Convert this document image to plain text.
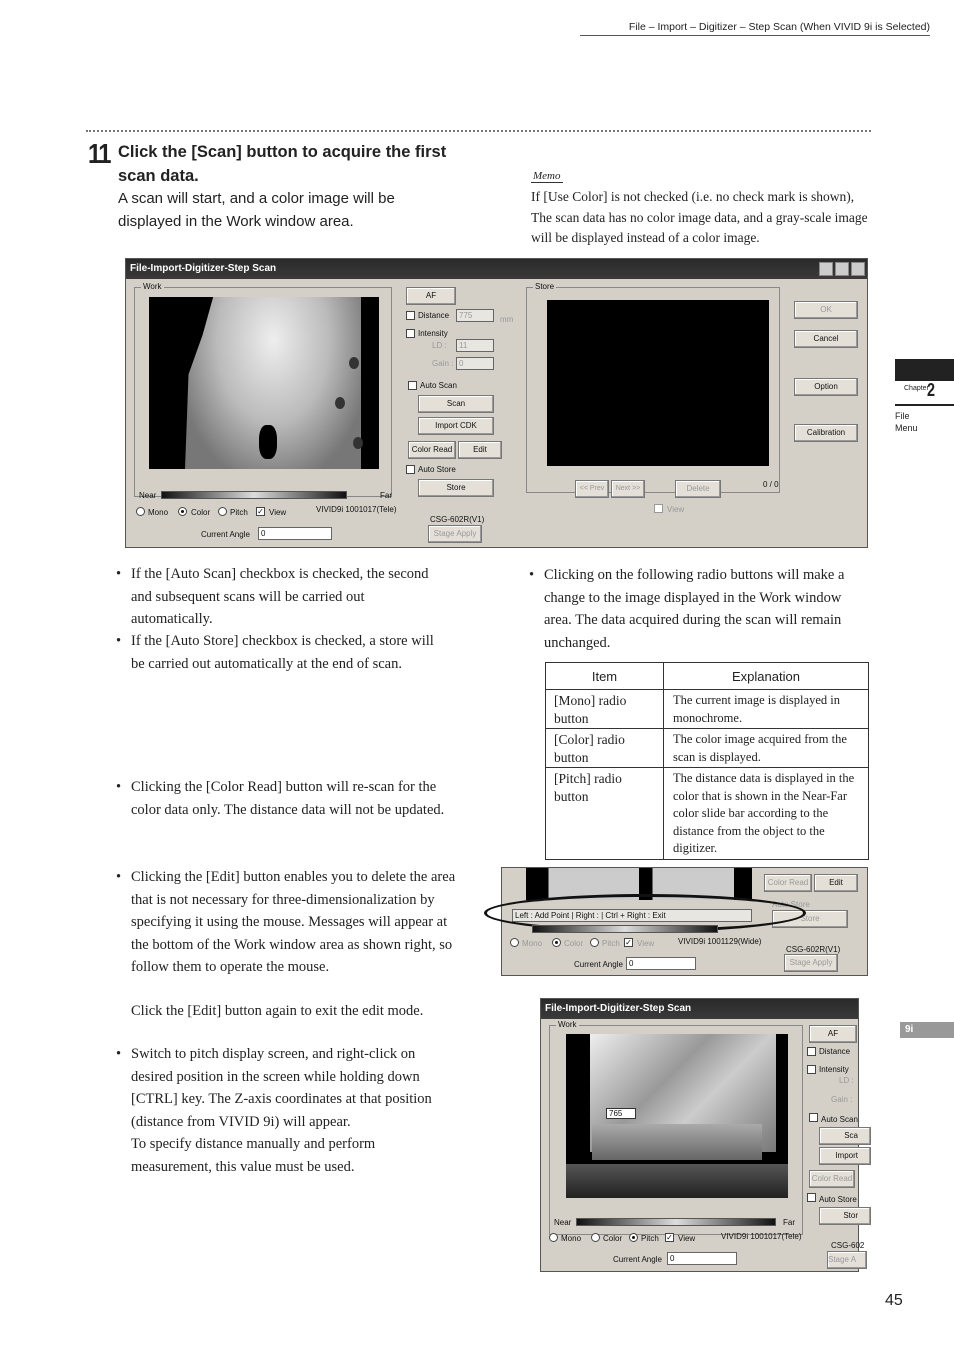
File – Import – Digitizer – Step Scan (When VIVID 9i is Selected)
11 Click the [Scan] button to acquire the first scan data.
A scan will start, and a color image will be displayed in the Work window area.
Memo
If [Use Color] is not checked (i.e. no check mark is shown), The scan data has no color image data, and a gray-scale image will be displayed instead of a color image.
File-Import-Digitizer-Step Scan
Work
Near	Far
Mono	Color Pitch ✓ View	VIVID9i 1001017(Tele)
Current Angle	0
CSG-602R(V1)
Stage Apply
AF
Distance	775	mm
Intensity
LD :	11
Gain : 0
Auto Scan
Scan
Import CDK
Color Read	Edit
Auto Store
Store
Store
<< Prev	Next >>	Delete	0 / 0
View
OK
Cancel
Option
Calibration
• If the [Auto Scan] checkbox is checked, the second and subsequent scans will be carried out automatically.
• If the [Auto Store] checkbox is checked, a store will be carried out automatically at the end of scan.
• Clicking on the following radio buttons will make a change to the image displayed in the Work window area. The data acquired during the scan will remain unchanged.
Item	Explanation
[Mono] radio button	The current image is displayed in monochrome.
[Color] radio button	The color image acquired from the scan is displayed.
[Pitch] radio button	The distance data is displayed in the color that is shown in the Near-Far color slide bar according to the distance from the object to the digitizer.
• Clicking the [Color Read] button will re-scan for the color data only. The distance data will not be updated.
• Clicking the [Edit] button enables you to delete the area that is not necessary for three-dimensionalization by specifying it using the mouse. Messages will appear at the bottom of the Work window area as shown right, so follow them to operate the mouse.
Click the [Edit] button again to exit the edit mode.
• Switch to pitch display screen, and right-click on desired position in the screen while holding down [CTRL] key. The Z-axis coordinates at that position (distance from VIVID 9i) will appear.
To specify distance manually and perform measurement, this value must be used.
Color Read	Edit
Auto Store
Store
Left : Add Point | Right : | Ctrl + Right : Exit
Mono	Color Pitch ✓ View	VIVID9i 1001129(Wide)
Current Angle 0
CSG-602R(V1)
Stage Apply
File-Import-Digitizer-Step Scan
Work
765
Near	Far
AF
Distance
Intensity
LD :
Gain :
Auto Scan
Sca
Import
Color Read
Auto Store
Stor
Mono	Color Pitch ✓ View	VIVID9i 1001017(Tele)
Current Angle	0
CSG-602
Stage A
Chapter
2
File
Menu
9i
45
